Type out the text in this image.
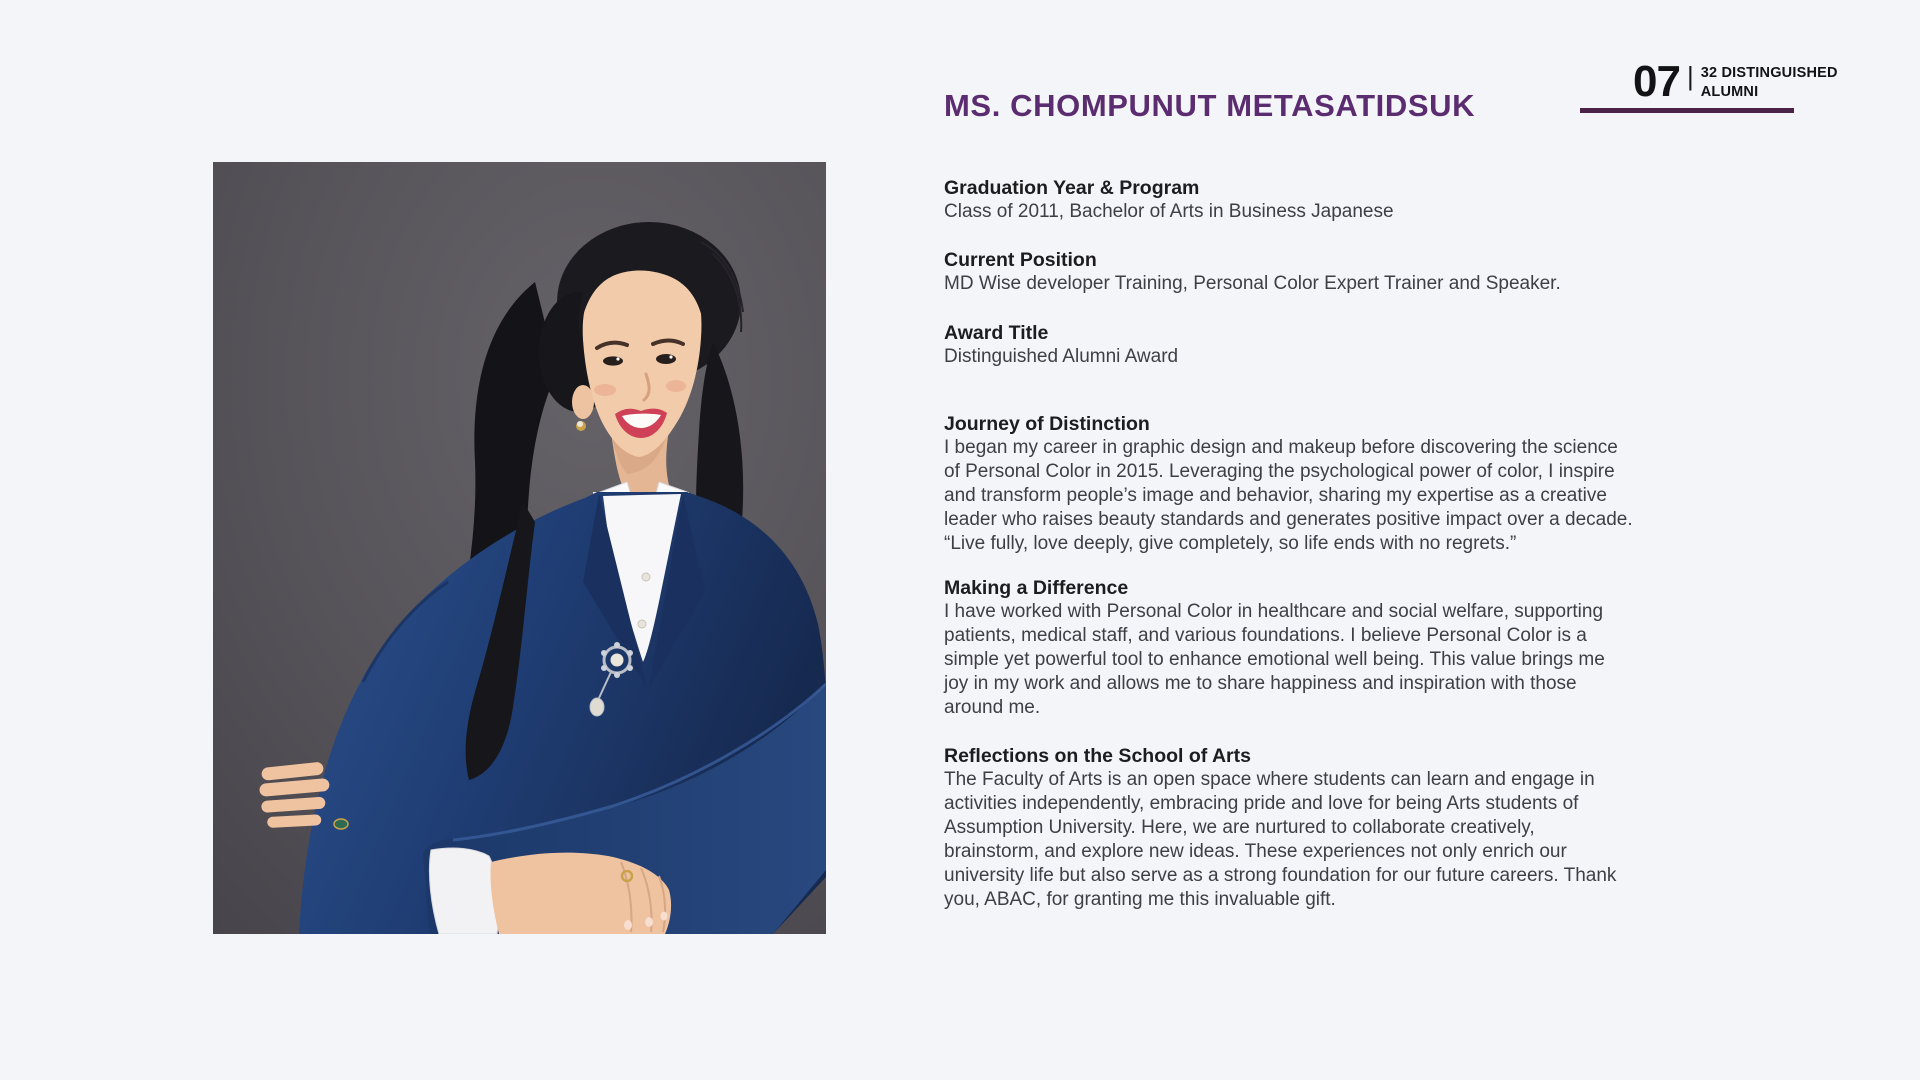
07 | 32 DISTINGUISHED
ALUMNI
MS. CHOMPUNUT METASATIDSUK
Graduation Year & Program

Class of 2011, Bachelor of Arts in Business Japanese

Current Position

MD Wise developer Training, Personal Color Expert Trainer and Speaker.

Award Title

Distinguished Alumni Award

Journey of Distinction

I began my career in graphic design and makeup before discovering the science
of Personal Color in 2015. Leveraging the psychological power of color, I inspire
and transform people’s image and behavior, sharing my expertise as a creative
leader who raises beauty standards and generates positive impact over a decade.
“Live fully, love deeply, give completely, so life ends with no regrets.”

Making a Difference

I have worked with Personal Color in healthcare and social welfare, supporting
patients, medical staff, and various foundations. I believe Personal Color is a
simple yet powerful tool to enhance emotional well being. This value brings me
joy in my work and allows me to share happiness and inspiration with those
around me.

Reflections on the School of Arts

The Faculty of Arts is an open space where students can learn and engage in
activities independently, embracing pride and love for being Arts students of
Assumption University. Here, we are nurtured to collaborate creatively,
brainstorm, and explore new ideas. These experiences not only enrich our
university life but also serve as a strong foundation for our future careers. Thank
you, ABAC, for granting me this invaluable gift.
